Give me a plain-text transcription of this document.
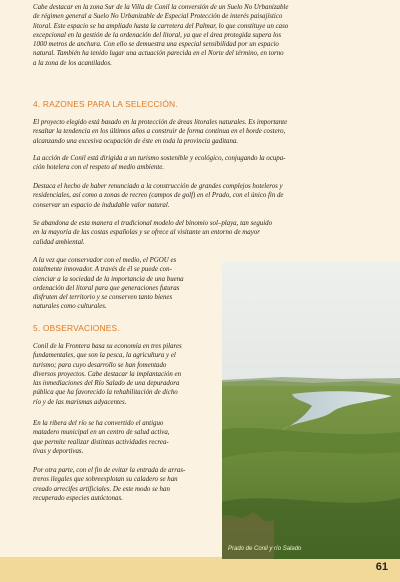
Cabe destacar en la zona Sur de la Villa de Conil la conversión de un Suelo No Urbanizable
de régimen general a Suelo No Urbanizable de Especial Protección de interés paisajístico
litoral. Este espacio se ha ampliado hasta la carretera del Palmar, lo que constituye un caso
excepcional en la gestión de la ordenación del litoral, ya que el área protegida supera los
1000 metros de anchura. Con ello se demuestra una especial sensibilidad por un espacio
natural. También ha tenido lugar una actuación parecida en el Norte del término, en torno
a la zona de los acantilados.
4. RAZONES PARA LA SELECCIÓN.
El proyecto elegido está basado en la protección de áreas litorales naturales. Es importante
resaltar la tendencia en los últimos años a construir de forma continua en el borde costero,
alcanzando una excesiva ocupación de éste en toda la provincia gaditana.
La acción de Conil está dirigida a un turismo sostenible y ecológico, conjugando la ocupa-
ción hotelera con el respeto al medio ambiente.
Destaca el hecho de haber renunciado a la construcción de grandes complejos hoteleros y
residenciales, así como a zonas de recreo (campos de golf) en el Prado, con el único fin de
conservar un espacio de indudable valor natural.
Se abandona de esta manera el tradicional modelo del binomio sol–playa, tan seguido
en la mayoría de las costas españolas y se ofrece al visitante un entorno de mayor
calidad ambiental.
A la vez que conservador con el medio, el PGOU es
totalmente innovador. A través de él se puede con-
cienciar a la sociedad de la importancia de una buena
ordenación del litoral para que generaciones futuras
disfruten del territorio y se conserven tanto bienes
naturales como culturales.
5. OBSERVACIONES.
Conil de la Frontera basa su economía en tres pilares
fundamentales, que son la pesca, la agricultura y el
turismo; para cuyo desarrollo se han fomentado
diversos proyectos. Cabe destacar la implantación en
las inmediaciones del Río Salado de una depuradora
pública que ha favorecido la rehabilitación de dicho
río y de las marismas adyacentes.
En la ribera del río se ha convertido el antiguo
matadero municipal en un centro de salud activa,
que permite realizar distintas actividades recrea-
tivas y deportivas.
Por otra parte, con el fin de evitar la entrada de arras-
treros ilegales que sobreexplotan su caladero se han
creado arrecifes artificiales. De este modo se han
recuperado especies autóctonas.
Prado de Conil y río Salado
61
